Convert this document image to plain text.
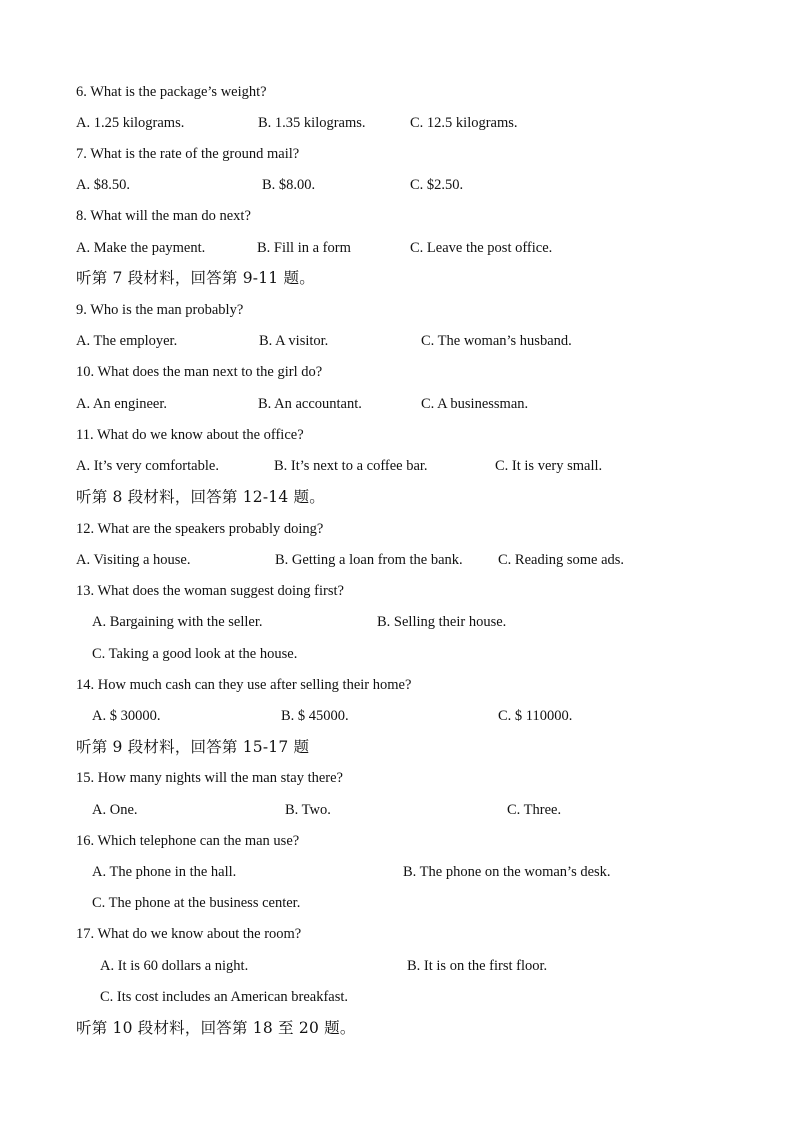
6. What is the package’s weight?
A. 1.25 kilograms.	B. 1.35 kilograms.	C. 12.5 kilograms.
7. What is the rate of the ground mail?
A. $8.50.	B. $8.00.	C. $2.50.
8. What will the man do next?
A. Make the payment.	B. Fill in a form	C. Leave the post office.
听第 7 段材料，回答第 9-11 题。
9. Who is the man probably?
A. The employer.	B. A visitor.	C. The woman’s husband.
10. What does the man next to the girl do?
A. An engineer.	B. An accountant.	C. A businessman.
11. What do we know about the office?
A. It’s very comfortable.	B. It’s next to a coffee bar.	C. It is very small.
听第 8 段材料，回答第 12-14 题。
12. What are the speakers probably doing?
A. Visiting a house.	B. Getting a loan from the bank. C. Reading some ads.
13. What does the woman suggest doing first?
A. Bargaining with the seller.	B. Selling their house.
C. Taking a good look at the house.
14. How much cash can they use after selling their home?
A. $ 30000.	B. $ 45000.	C. $ 110000.
听第 9 段材料，回答第 15-17 题
15. How many nights will the man stay there?
A. One.	B. Two.	C. Three.
16. Which telephone can the man use?
A. The phone in the hall.	B. The phone on the woman’s desk.
C. The phone at the business center.
17. What do we know about the room?
A. It is 60 dollars a night.	B. It is on the first floor.
C. Its cost includes an American breakfast.
听第 10 段材料，回答第 18 至 20 题。
